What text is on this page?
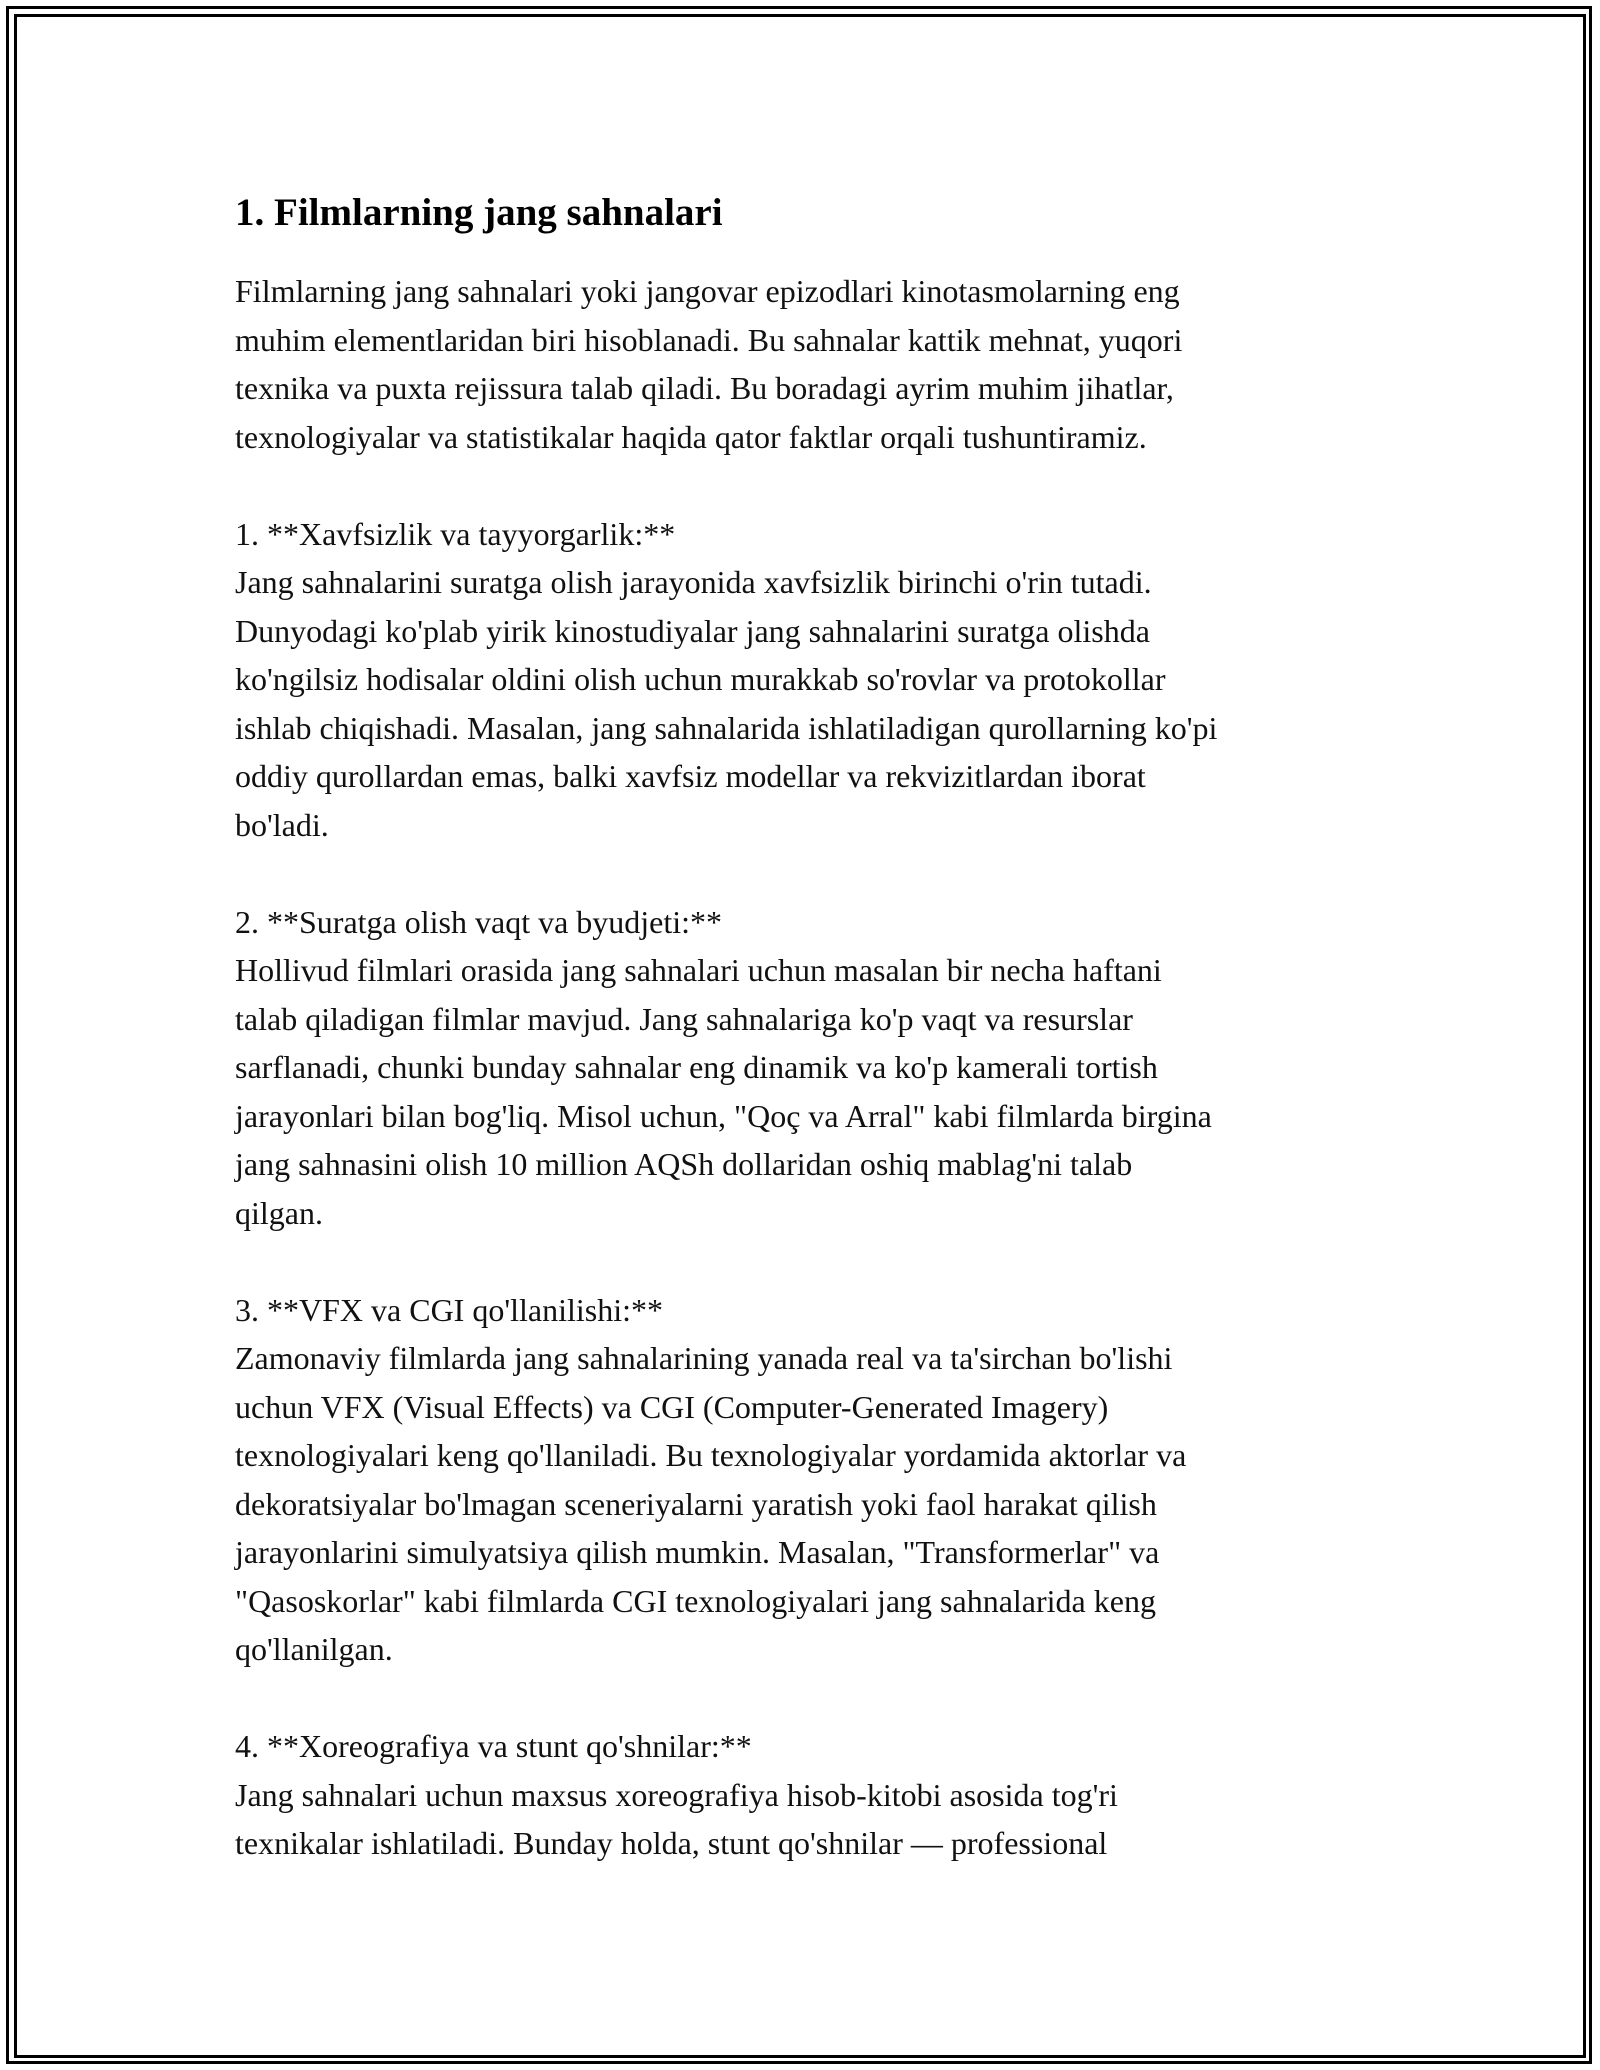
1. Filmlarning jang sahnalari

Filmlarning jang sahnalari yoki jangovar epizodlari kinotasmolarning eng
muhim elementlaridan biri hisoblanadi. Bu sahnalar kattik mehnat, yuqori
texnika va puxta rejissura talab qiladi. Bu boradagi ayrim muhim jihatlar,
texnologiyalar va statistikalar haqida qator faktlar orqali tushuntiramiz.

1. **Xavfsizlik va tayyorgarlik:**

Jang sahnalarini suratga olish jarayonida xavfsizlik birinchi o'rin tutadi.
Dunyodagi ko'plab yirik kinostudiyalar jang sahnalarini suratga olishda
ko'ngilsiz hodisalar oldini olish uchun murakkab so'rovlar va protokollar
ishlab chiqishadi. Masalan, jang sahnalarida ishlatiladigan qurollarning ko'pi
oddiy qurollardan emas, balki xavfsiz modellar va rekvizitlardan iborat
bo'ladi.

2. **Suratga olish vaqt va byudjeti:**

Hollivud filmlari orasida jang sahnalari uchun masalan bir necha haftani
talab qiladigan filmlar mavjud. Jang sahnalariga ko'p vaqt va resurslar
sarflanadi, chunki bunday sahnalar eng dinamik va ko'p kamerali tortish
jarayonlari bilan bog'liq. Misol uchun, "Qoç va Arral" kabi filmlarda birgina
jang sahnasini olish 10 million AQSh dollaridan oshiq mablag'ni talab
qilgan.

3. **VFX va CGI qo'llanilishi:**

Zamonaviy filmlarda jang sahnalarining yanada real va ta'sirchan bo'lishi
uchun VFX (Visual Effects) va CGI (Computer-Generated Imagery)
texnologiyalari keng qo'llaniladi. Bu texnologiyalar yordamida aktorlar va
dekoratsiyalar bo'lmagan sceneriyalarni yaratish yoki faol harakat qilish
jarayonlarini simulyatsiya qilish mumkin. Masalan, "Transformerlar" va
"Qasoskorlar" kabi filmlarda CGI texnologiyalari jang sahnalarida keng
qo'llanilgan.

4. **Xoreografiya va stunt qo'shnilar:**

Jang sahnalari uchun maxsus xoreografiya hisob-kitobi asosida tog'ri
texnikalar ishlatiladi. Bunday holda, stunt qo'shnilar — professional
